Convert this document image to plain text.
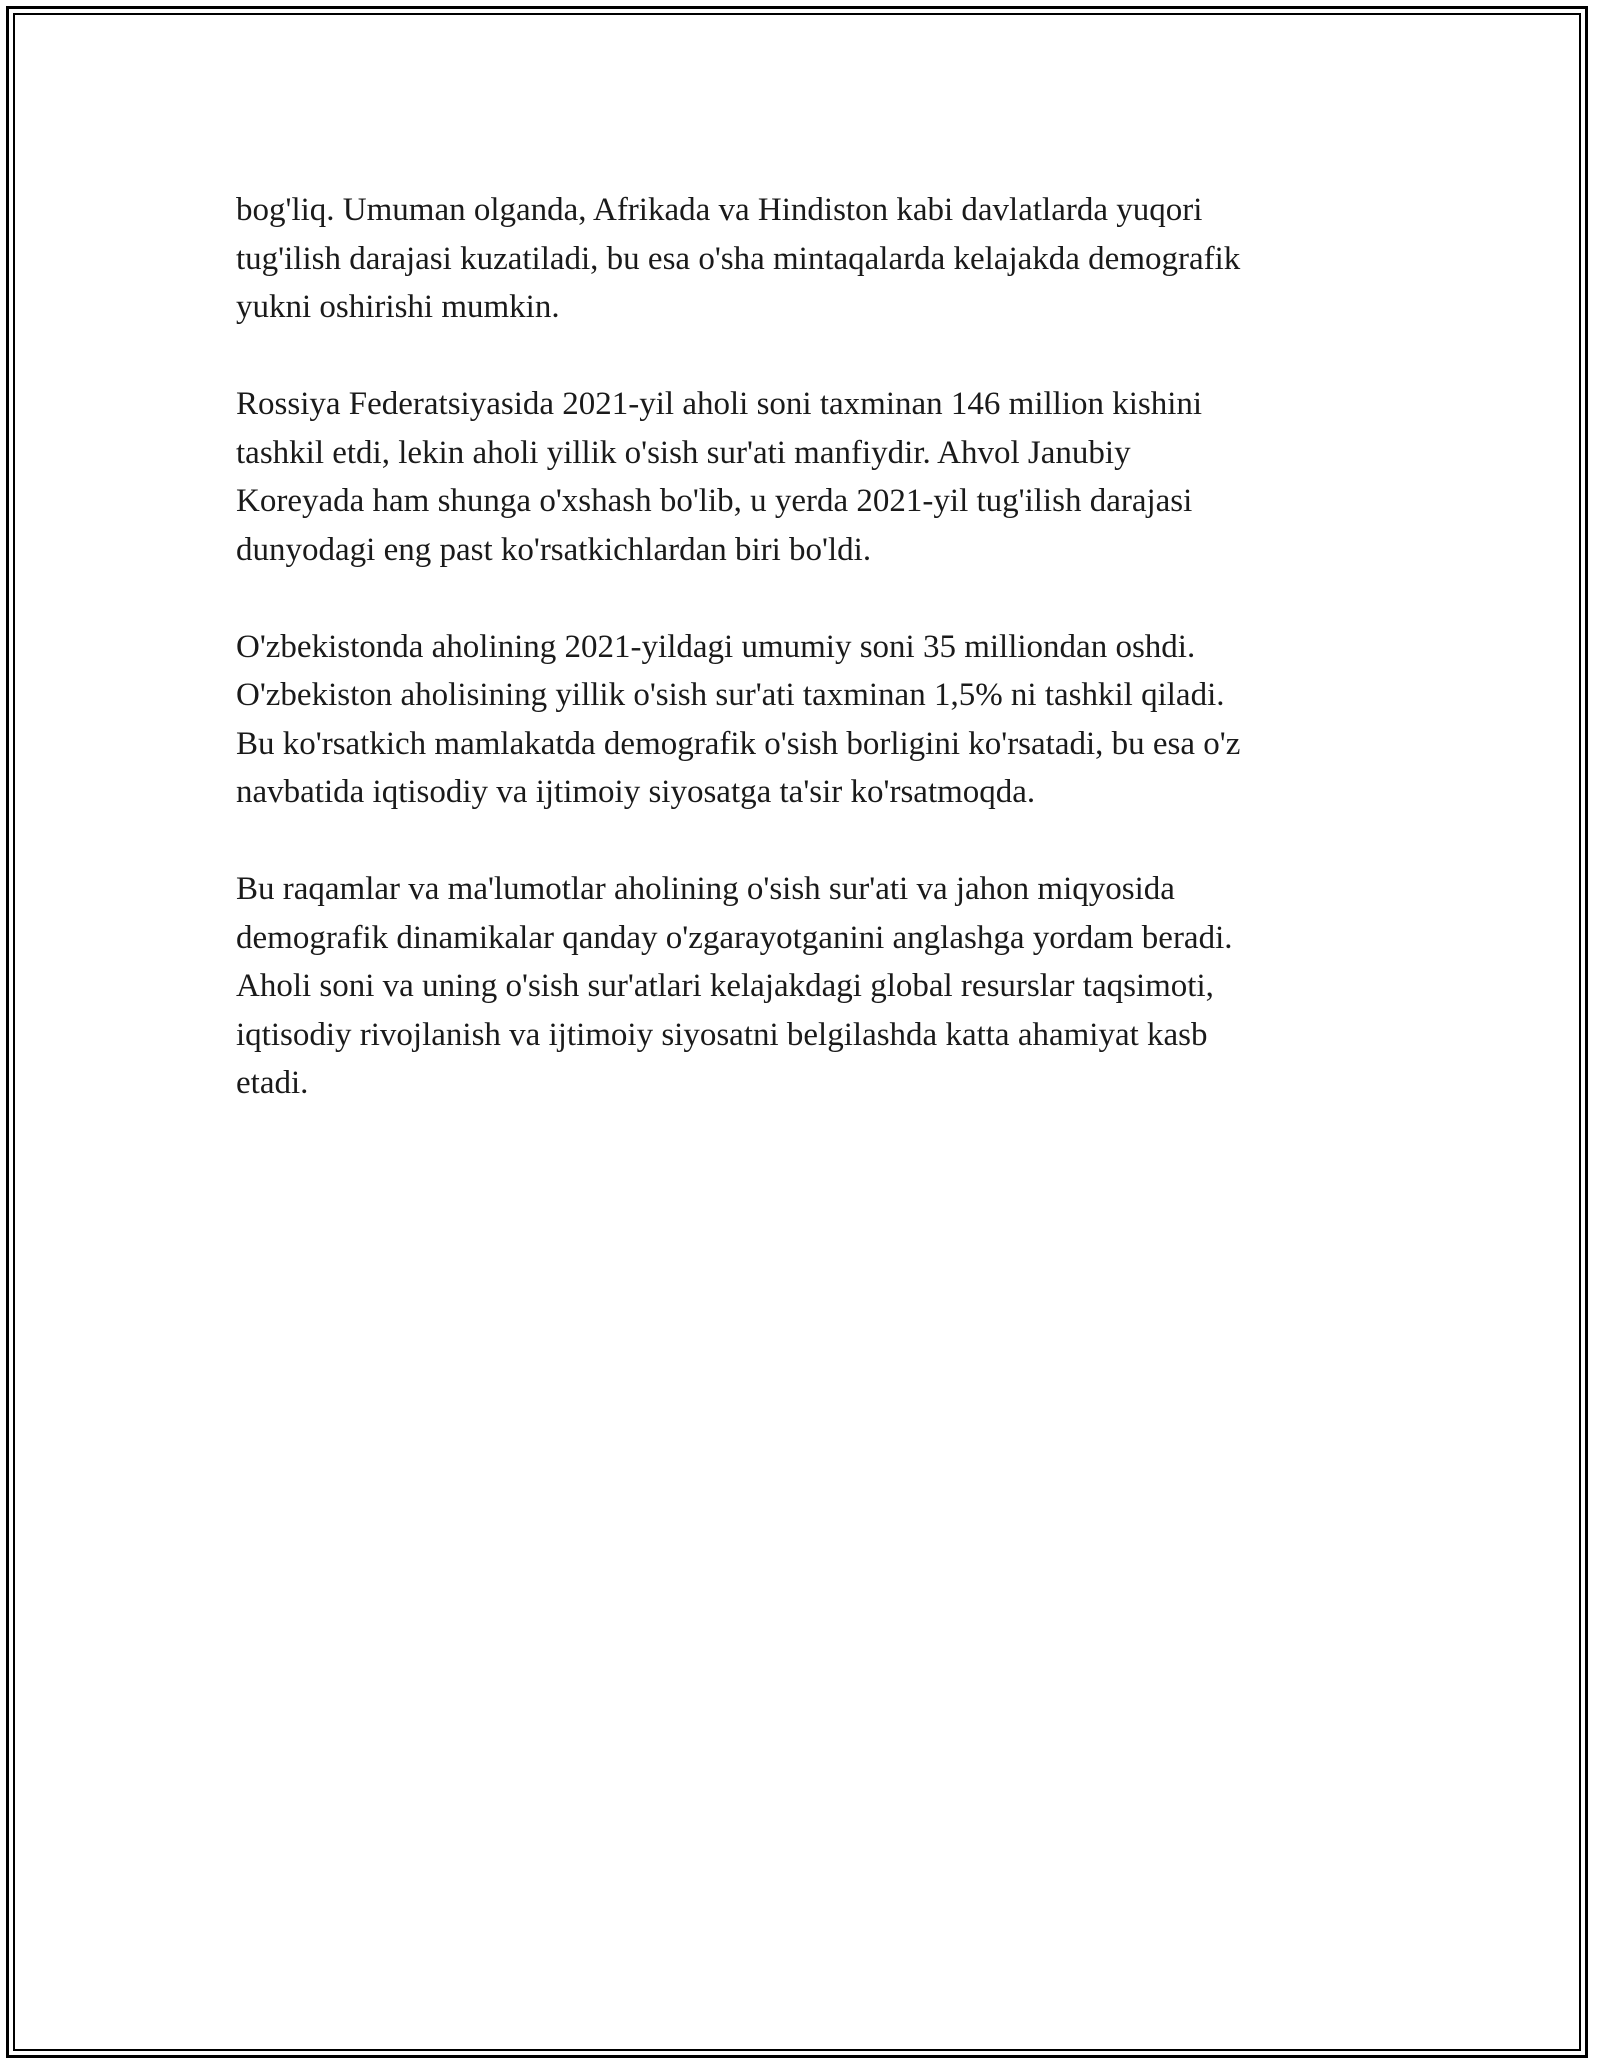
bog'liq. Umuman olganda, Afrikada va Hindiston kabi davlatlarda yuqori
tug'ilish darajasi kuzatiladi, bu esa o'sha mintaqalarda kelajakda demografik
yukni oshirishi mumkin.

Rossiya Federatsiyasida 2021-yil aholi soni taxminan 146 million kishini
tashkil etdi, lekin aholi yillik o'sish sur'ati manfiydir. Ahvol Janubiy
Koreyada ham shunga o'xshash bo'lib, u yerda 2021-yil tug'ilish darajasi
dunyodagi eng past ko'rsatkichlardan biri bo'ldi.

O'zbekistonda aholining 2021-yildagi umumiy soni 35 milliondan oshdi.
O'zbekiston aholisining yillik o'sish sur'ati taxminan 1,5% ni tashkil qiladi.
Bu ko'rsatkich mamlakatda demografik o'sish borligini ko'rsatadi, bu esa o'z
navbatida iqtisodiy va ijtimoiy siyosatga ta'sir ko'rsatmoqda.

Bu raqamlar va ma'lumotlar aholining o'sish sur'ati va jahon miqyosida
demografik dinamikalar qanday o'zgarayotganini anglashga yordam beradi.
Aholi soni va uning o'sish sur'atlari kelajakdagi global resurslar taqsimoti,
iqtisodiy rivojlanish va ijtimoiy siyosatni belgilashda katta ahamiyat kasb
etadi.
